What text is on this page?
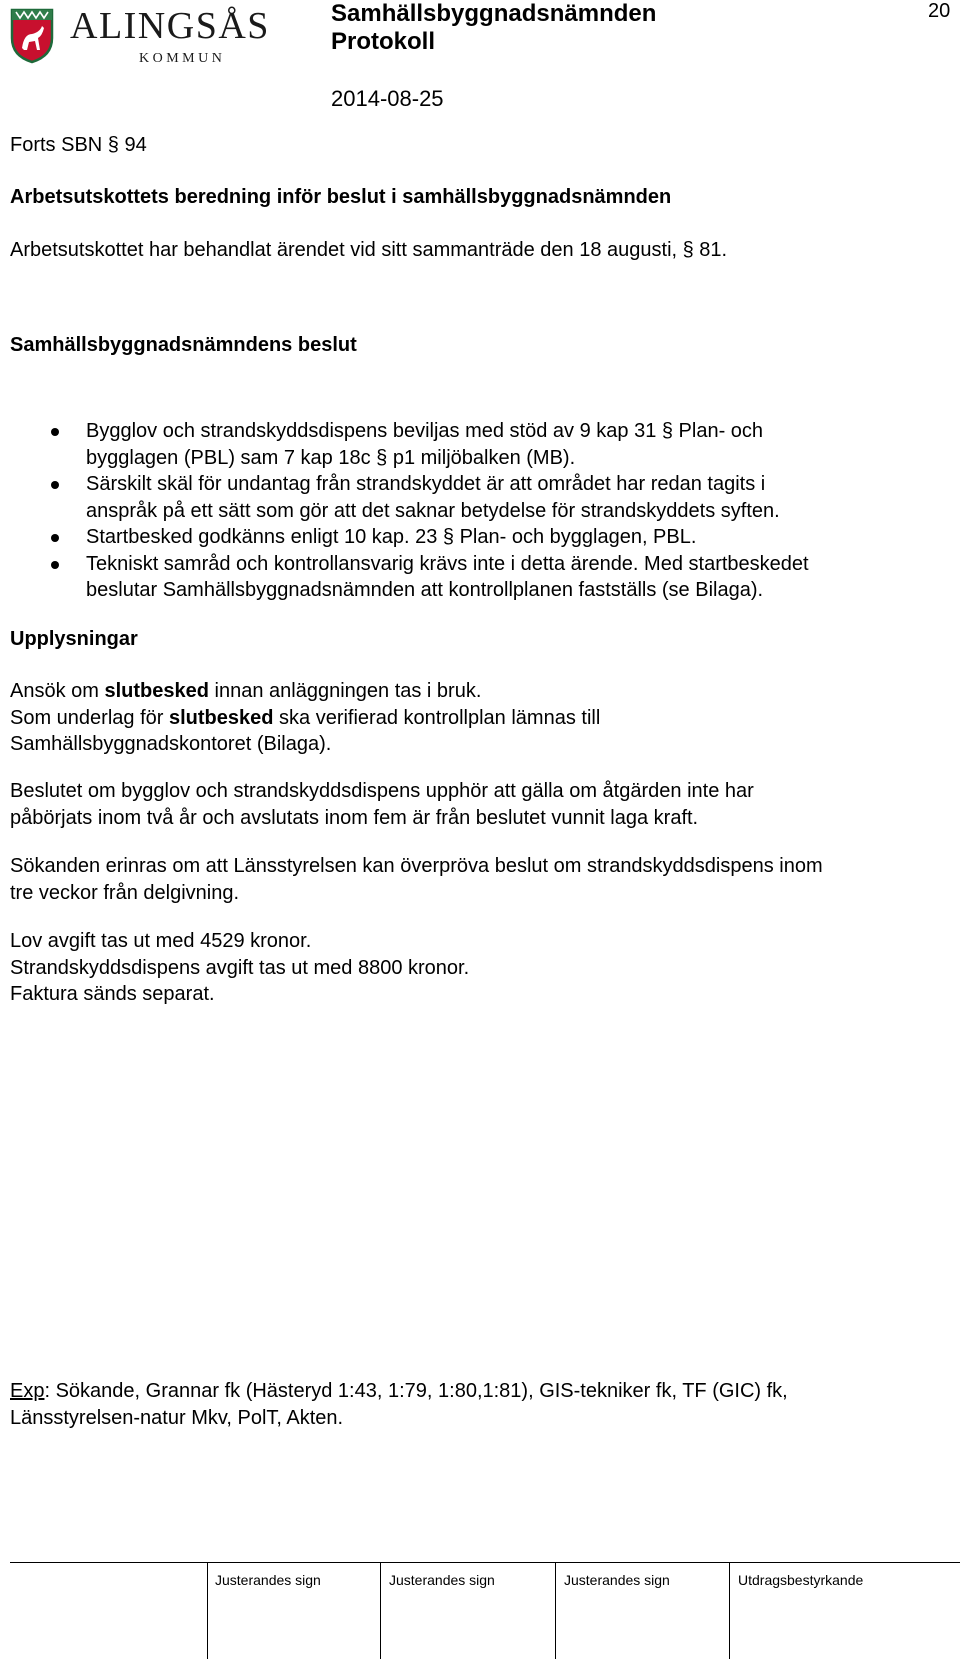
ALINGSÅS
KOMMUN
Samhällsbyggnadsnämnden
Protokoll
2014-08-25
20

Forts SBN § 94

Arbetsutskottets beredning inför beslut i samhällsbyggnadsnämnden

Arbetsutskottet har behandlat ärendet vid sitt sammanträde den 18 augusti, § 81.

Samhällsbyggnadsnämndens beslut

Bygglov och strandskyddsdispens beviljas med stöd av 9 kap 31 § Plan- och
bygglagen (PBL) sam 7 kap 18c § p1 miljöbalken (MB).
Särskilt skäl för undantag från strandskyddet är att området har redan tagits i
anspråk på ett sätt som gör att det saknar betydelse för strandskyddets syften.
Startbesked godkänns enligt 10 kap. 23 § Plan- och bygglagen, PBL.
Tekniskt samråd och kontrollansvarig krävs inte i detta ärende. Med startbeskedet
beslutar Samhällsbyggnadsnämnden att kontrollplanen fastställs (se Bilaga).

Upplysningar

Ansök om slutbesked innan anläggningen tas i bruk.

Som underlag för slutbesked ska verifierad kontrollplan lämnas till

Samhällsbyggnadskontoret (Bilaga).

Beslutet om bygglov och strandskyddsdispens upphör att gälla om åtgärden inte har

påbörjats inom två år och avslutats inom fem är från beslutet vunnit laga kraft.

Sökanden erinras om att Länsstyrelsen kan överpröva beslut om strandskyddsdispens inom

tre veckor från delgivning.

Lov avgift tas ut med 4529 kronor.

Strandskyddsdispens avgift tas ut med 8800 kronor.

Faktura sänds separat.

Exp: Sökande, Grannar fk (Hästeryd 1:43, 1:79, 1:80,1:81), GIS-tekniker fk, TF (GIC) fk,

Länsstyrelsen-natur Mkv, PolT, Akten.

Justerandes sign	Justerandes sign	Justerandes sign	Utdragsbestyrkande
